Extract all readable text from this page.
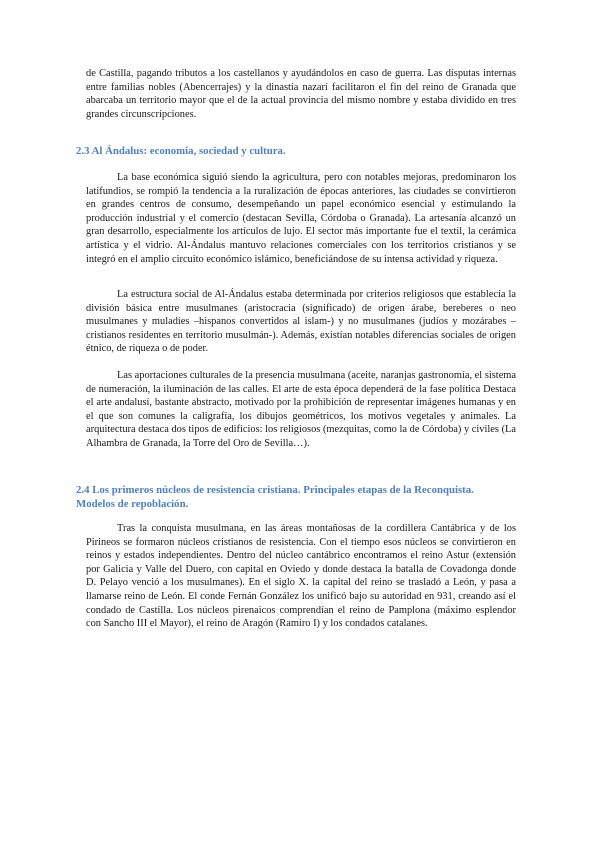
de Castilla, pagando tributos a los castellanos y ayudándolos en caso de guerra. Las disputas internas entre familias nobles (Abencerrajes) y la dinastía nazarí facilitaron el fin del reino de Granada que abarcaba un territorio mayor que el de la actual provincia del mismo nombre y estaba dividido en tres grandes circunscripciones.

2.3 Al Ándalus: economía, sociedad y cultura.

La base económica siguió siendo la agricultura, pero con notables mejoras, predominaron los latifundios, se rompió la tendencia a la ruralización de épocas anteriores, las ciudades se convirtieron en grandes centros de consumo, desempeñando un papel económico esencial y estimulando la producción industrial y el comercio (destacan Sevilla, Córdoba o Granada). La artesanía alcanzó un gran desarrollo, especialmente los artículos de lujo. El sector más importante fue el textil, la cerámica artística y el vidrio. Al-Ándalus mantuvo relaciones comerciales con los territorios cristianos y se integró en el amplio circuito económico islámico, beneficiándose de su intensa actividad y riqueza.

La estructura social de Al-Ándalus estaba determinada por criterios religiosos que establecía la división básica entre musulmanes (aristocracia (significado) de origen árabe, bereberes o neo musulmanes y muladíes –hispanos convertidos al islam-) y no musulmanes (judíos y mozárabes –cristianos residentes en territorio musulmán-). Además, existían notables diferencias sociales de origen étnico, de riqueza o de poder.

Las aportaciones culturales de la presencia musulmana (aceite, naranjas gastronomía, el sistema de numeración, la iluminación de las calles. El arte de esta época dependerá de la fase política Destaca el arte andalusí, bastante abstracto, motivado por la prohibición de representar imágenes humanas y en el que son comunes la caligrafía, los dibujos geométricos, los motivos vegetales y animales. La arquitectura destaca dos tipos de edificios: los religiosos (mezquitas, como la de Córdoba) y civiles (La Alhambra de Granada, la Torre del Oro de Sevilla…).

2.4 Los primeros núcleos de resistencia cristiana. Principales etapas de la Reconquista. Modelos de repoblación.

Tras la conquista musulmana, en las áreas montañosas de la cordillera Cantábrica y de los Pirineos se formaron núcleos cristianos de resistencia. Con el tiempo esos núcleos se convirtieron en reinos y estados independientes. Dentro del núcleo cantábrico encontramos el reino Astur (extensión por Galicia y Valle del Duero, con capital en Oviedo y donde destaca la batalla de Covadonga donde D. Pelayo venció a los musulmanes). En el siglo X. la capital del reino se trasladó a León, y pasa a llamarse reino de León. El conde Fernán González los unificó bajo su autoridad en 931, creando así el condado de Castilla. Los núcleos pirenaicos comprendían el reino de Pamplona (máximo esplendor con Sancho III el Mayor), el reino de Aragón (Ramiro I) y los condados catalanes.
